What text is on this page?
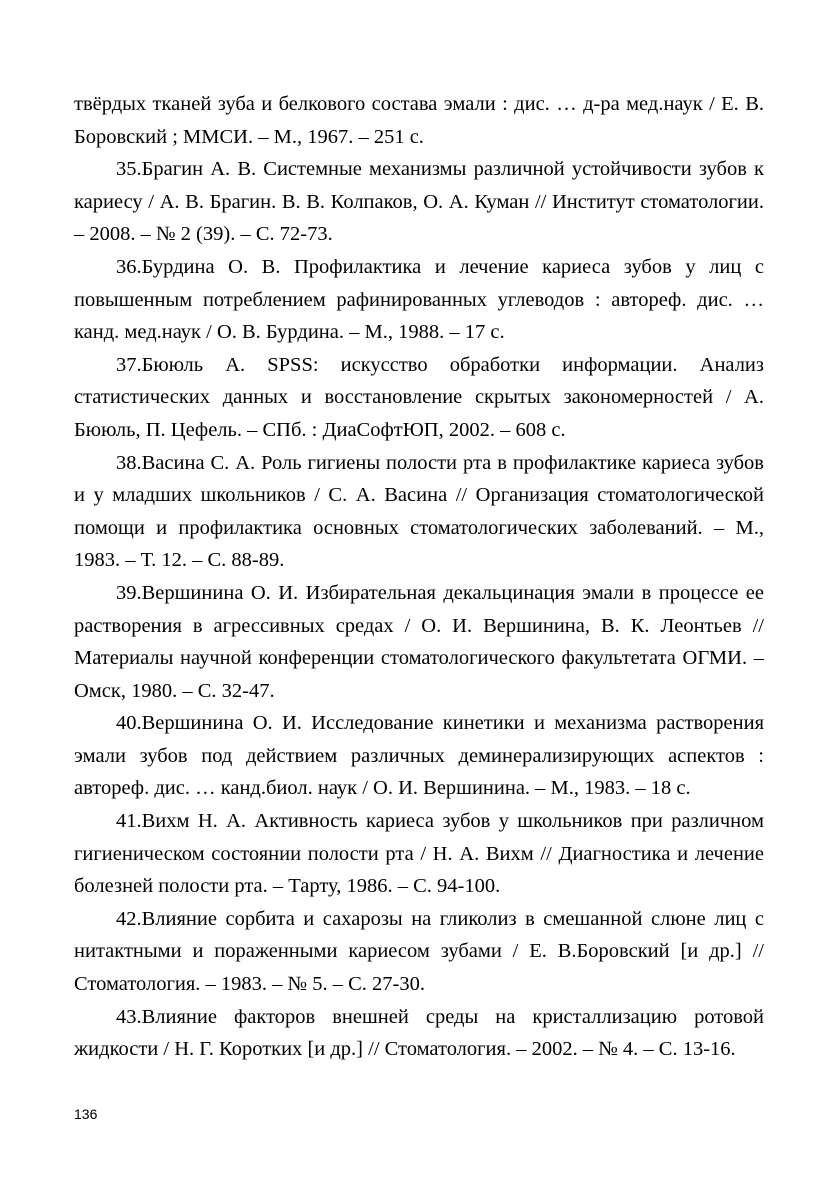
твёрдых тканей зуба и белкового состава эмали : дис. … д-ра мед.наук / Е. В. Боровский ; ММСИ. – М., 1967. – 251 с.

35.Брагин А. В. Системные механизмы различной устойчивости зубов к кариесу / А. В. Брагин. В. В. Колпаков, О. А. Куман // Институт стоматологии. – 2008. – № 2 (39). – С. 72-73.

36.Бурдина О. В. Профилактика и лечение кариеса зубов у лиц с повышенным потреблением рафинированных углеводов : автореф. дис. … канд. мед.наук / О. В. Бурдина. – М., 1988. – 17 с.

37.Бююль А. SPSS: искусство обработки информации. Анализ статистических данных и восстановление скрытых закономерностей / А. Бююль, П. Цефель. – СПб. : ДиаСофтЮП, 2002. – 608 с.

38.Васина С. А. Роль гигиены полости рта в профилактике кариеса зубов и у младших школьников / С. А. Васина // Организация стоматологической помощи и профилактика основных стоматологических заболеваний. – М., 1983. – Т. 12. – С. 88-89.

39.Вершинина О. И. Избирательная декальцинация эмали в процессе ее растворения в агрессивных средах / О. И. Вершинина, В. К. Леонтьев // Материалы научной конференции стоматологического факультетата ОГМИ. – Омск, 1980. – С. 32-47.

40.Вершинина О. И. Исследование кинетики и механизма растворения эмали зубов под действием различных деминерализирующих аспектов : автореф. дис. … канд.биол. наук / О. И. Вершинина. – М., 1983. – 18 с.

41.Вихм Н. А. Активность кариеса зубов у школьников при различном гигиеническом состоянии полости рта / Н. А. Вихм // Диагностика и лечение болезней полости рта. – Тарту, 1986. – С. 94-100.

42.Влияние сорбита и сахарозы на гликолиз в смешанной слюне лиц с нитактными и пораженными кариесом зубами / Е. В.Боровский [и др.] // Стоматология. – 1983. – № 5. – С. 27-30.

43.Влияние факторов внешней среды на кристаллизацию ротовой жидкости / Н. Г. Коротких [и др.] // Стоматология. – 2002. – № 4. – С. 13-16.

136
